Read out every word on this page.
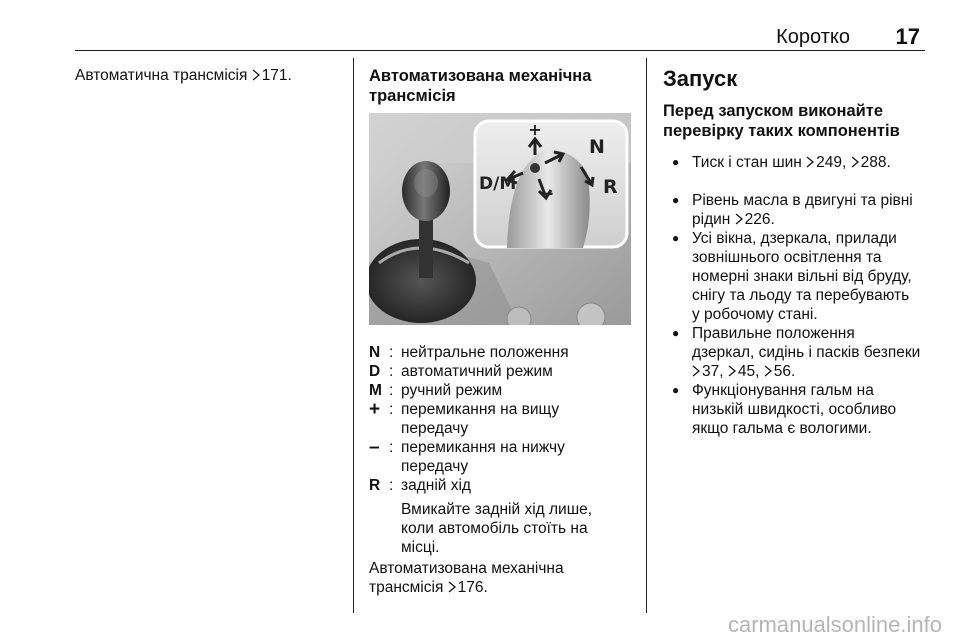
Коротко 17
Автоматична трансмісія 171.	Автоматизована механічна
трансмісія
+
–
D/M
N
R
N : нейтральне положення
D : автоматичний режим
M : ручний режим
+ : перемикання на вищу
передачу
– : перемикання на нижчу
передачу
R : задній хід
Вмикайте задній хід лише,
коли автомобіль стоїть на
місці.
Автоматизована механічна
трансмісія 176.
Запуск
Перед запуском виконайте
перевірку таких компонентів
● Тиск і стан шин 249, 288.
● Рівень масла в двигуні та рівні
рідин 226.
● Усі вікна, дзеркала, прилади
зовнішнього освітлення та
номерні знаки вільні від бруду,
снігу та льоду та перебувають
у робочому стані.
● Правильне положення
дзеркал, сидінь і пасків безпеки
37, 45, 56.
● Функціонування гальм на
низькій швидкості, особливо
якщо гальма є вологими.
carmanualsonline.info
